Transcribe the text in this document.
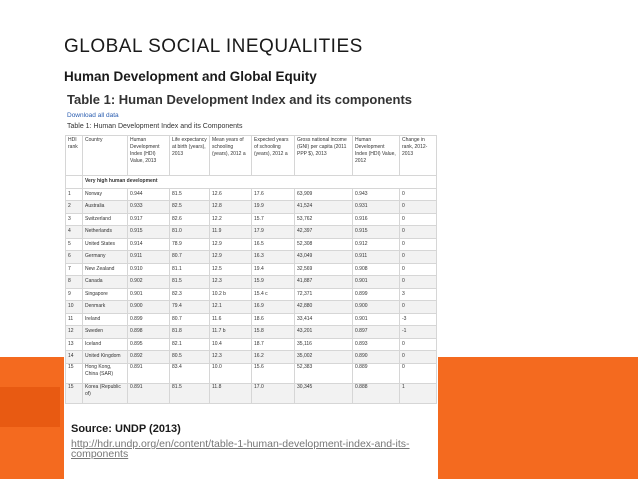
GLOBAL SOCIAL INEQUALITIES
Human Development and Global Equity
Table 1: Human Development Index and its components
Download all data
Table 1: Human Development Index and its Components
HDI rank	Country	Human Development Index (HDI) Value, 2013	Life expectancy at birth (years), 2013	Mean years of schooling (years), 2012 a	Expected years of schooling (years), 2012 a	Gross national income (GNI) per capita (2011 PPP $), 2013	Human Development Index (HDI) Value, 2012	Change in rank, 2012-2013
	Very high human development							
1	Norway	0.944	81.5	12.6	17.6	63,909	0.943	0
2	Australia	0.933	82.5	12.8	19.9	41,524	0.931	0
3	Switzerland	0.917	82.6	12.2	15.7	53,762	0.916	0
4	Netherlands	0.915	81.0	11.9	17.9	42,397	0.915	0
5	United States	0.914	78.9	12.9	16.5	52,308	0.912	0
6	Germany	0.911	80.7	12.9	16.3	43,049	0.911	0
7	New Zealand	0.910	81.1	12.5	19.4	32,569	0.908	0
8	Canada	0.902	81.5	12.3	15.9	41,887	0.901	0
9	Singapore	0.901	82.3	10.2 b	15.4 c	72,371	0.899	3
10	Denmark	0.900	79.4	12.1	16.9	42,880	0.900	0
11	Ireland	0.899	80.7	11.6	18.6	33,414	0.901	-3
12	Sweden	0.898	81.8	11.7 b	15.8	43,201	0.897	-1
13	Iceland	0.895	82.1	10.4	18.7	35,116	0.893	0
14	United Kingdom	0.892	80.5	12.3	16.2	35,002	0.890	0
15	Hong Kong, China (SAR)	0.891	83.4	10.0	15.6	52,383	0.889	0
15	Korea (Republic of)	0.891	81.5	11.8	17.0	30,345	0.888	1
Source: UNDP (2013)
http://hdr.undp.org/en/content/table-1-human-development-index-and-its-components
